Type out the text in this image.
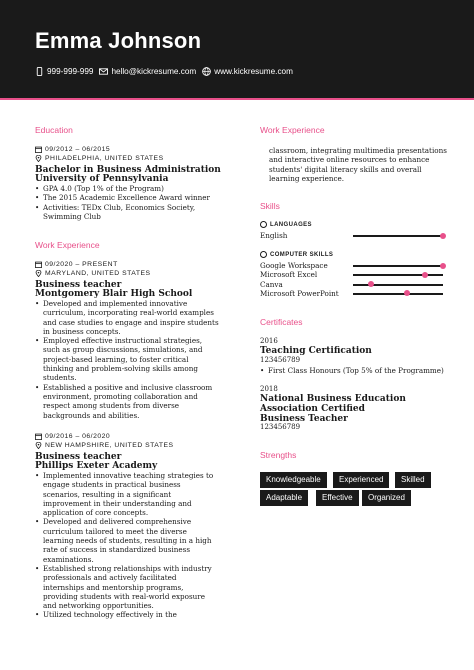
Emma Johnson
999-999-999 hello@kickresume.com www.kickresume.com
Education
09/2012 – 06/2015
PHILADELPHIA, UNITED STATES
Bachelor in Business Administration
University of Pennsylvania
• GPA 4.0 (Top 1% of the Program)
• The 2015 Academic Excellence Award winner
• Activities: TEDx Club, Economics Society, Swimming Club
Work Experience
09/2020 – PRESENT
MARYLAND, UNITED STATES
Business teacher
Montgomery Blair High School
• Developed and implemented innovative curriculum, incorporating real-world examples and case studies to engage and inspire students in business concepts.
• Employed effective instructional strategies, such as group discussions, simulations, and project-based learning, to foster critical thinking and problem-solving skills among students.
• Established a positive and inclusive classroom environment, promoting collaboration and respect among students from diverse backgrounds and abilities.
09/2016 – 06/2020
NEW HAMPSHIRE, UNITED STATES
Business teacher
Phillips Exeter Academy
• Implemented innovative teaching strategies to engage students in practical business scenarios, resulting in a significant improvement in their understanding and application of core concepts.
• Developed and delivered comprehensive curriculum tailored to meet the diverse learning needs of students, resulting in a high rate of success in standardized business examinations.
• Established strong relationships with industry professionals and actively facilitated internships and mentorship programs, providing students with real-world exposure and networking opportunities.
• Utilized technology effectively in the
Work Experience
classroom, integrating multimedia presentations and interactive online resources to enhance students' digital literacy skills and overall learning experience.
Skills
LANGUAGES
English
COMPUTER SKILLS
Google Workspace
Microsoft Excel
Canva
Microsoft PowerPoint
Certificates
2016
Teaching Certification
123456789
• First Class Honours (Top 5% of the Programme)
2018
National Business Education Association Certified Business Teacher
123456789
Strengths
Knowledgeable	Experienced	Skilled
Adaptable	Effective	Organized
